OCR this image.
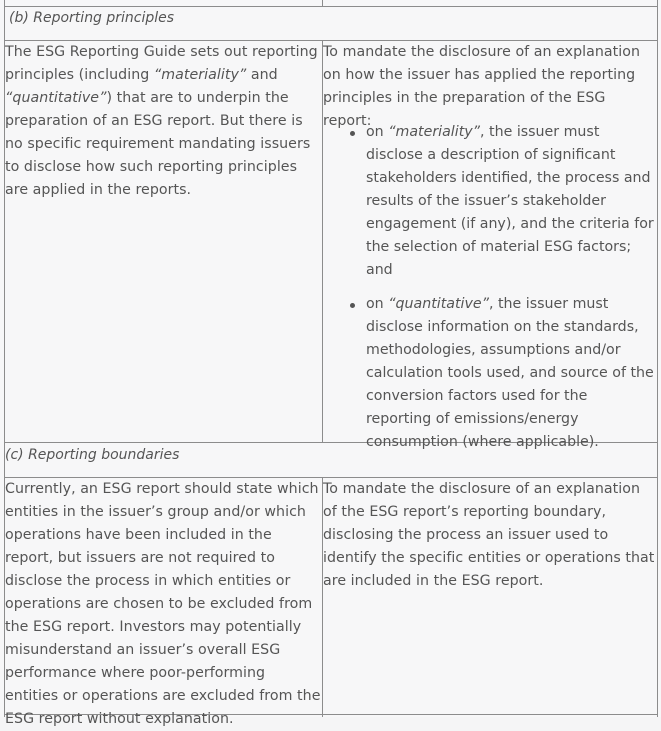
(b) Reporting principles

The ESG Reporting Guide sets out reporting principles (including “materiality” and “quantitative”) that are to underpin the preparation of an ESG report. But there is no specific requirement mandating issuers to disclose how such reporting principles are applied in the reports.

To mandate the disclosure of an explanation on how the issuer has applied the reporting principles in the preparation of the ESG report:

on “materiality”, the issuer must disclose a description of significant stakeholders identified, the process and results of the issuer’s stakeholder engagement (if any), and the criteria for the selection of material ESG factors; and
on “quantitative”, the issuer must disclose information on the standards, methodologies, assumptions and/or calculation tools used, and source of the conversion factors used for the reporting of emissions/energy consumption (where applicable).

(c) Reporting boundaries

Currently, an ESG report should state which entities in the issuer’s group and/or which operations have been included in the report, but issuers are not required to disclose the process in which entities or operations are chosen to be excluded from the ESG report. Investors may potentially misunderstand an issuer’s overall ESG performance where poor-performing entities or operations are excluded from the ESG report without explanation.

To mandate the disclosure of an explanation of the ESG report’s reporting boundary, disclosing the process an issuer used to identify the specific entities or operations that are included in the ESG report.
